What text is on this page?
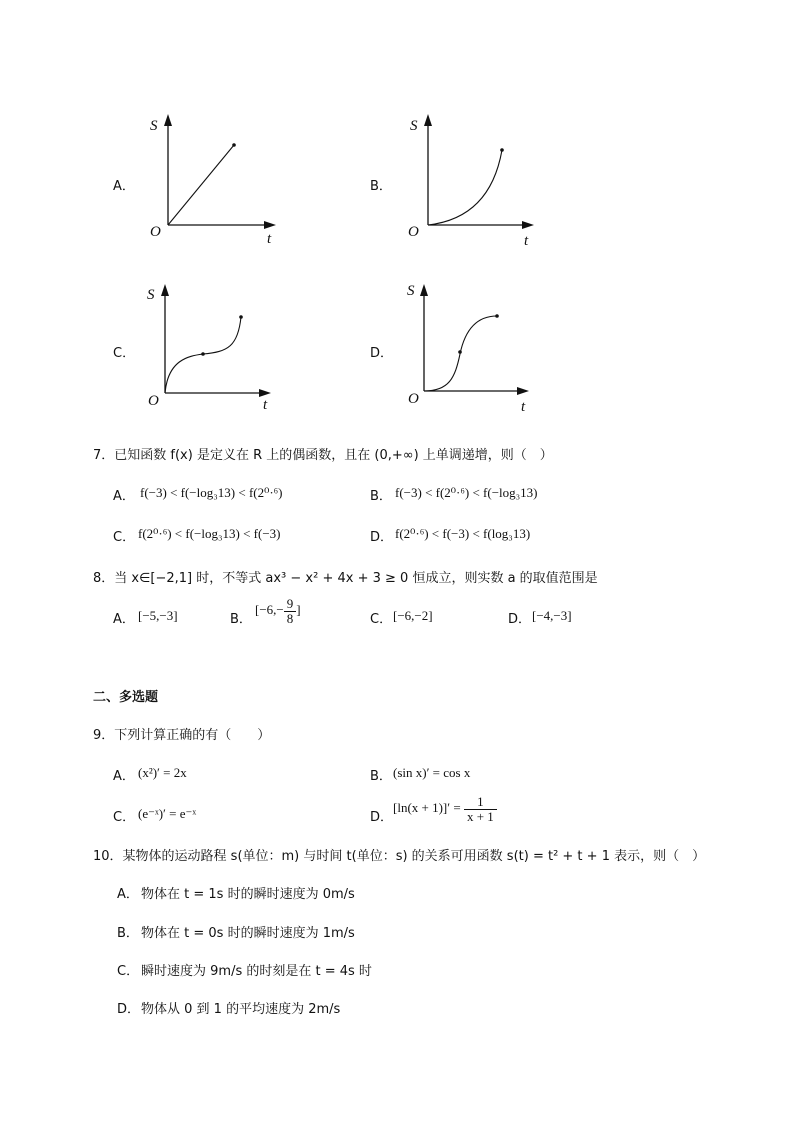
A．
S
O	t
B．
S
O
t
C．
S
O	t
D．
S
O	t
7．已知函数 f(x) 是定义在 R 上的偶函数，且在 (0,+∞) 上单调递增，则（　）
A． f(−3) < f(−log₃13) < f(2⁰·⁶)	B． f(−3) < f(2⁰·⁶) < f(−log₃13)
C． f(2⁰·⁶) < f(−log₃13) < f(−3)	D． f(2⁰·⁶) < f(−3) < f(log₃13)
8．当 x∈[−2,1] 时，不等式 ax³ − x² + 4x + 3 ≥ 0 恒成立，则实数 a 的取值范围是
A． [−5,−3]	B．
[$-6,- \frac{9}{8}$ ]
C． [−6,−2]	D． [−4,−3]
二、多选题
9．下列计算正确的有（　　）
A． (x²)′ = 2x	B． (sin x)′ = cos x
C． (e⁻ˣ)′ = e⁻ˣ	D．
$[\ln(x + 1)]' = \frac{1}{x + 1}$
10．某物体的运动路程 s(单位：m) 与时间 t(单位：s) 的关系可用函数 s(t) = t² + t + 1 表示，则（　）
A． 物体在 t = 1s 时的瞬时速度为 0m/s
B． 物体在 t = 0s 时的瞬时速度为 1m/s
C． 瞬时速度为 9m/s 的时刻是在 t = 4s 时
D． 物体从 0 到 1 的平均速度为 2m/s
